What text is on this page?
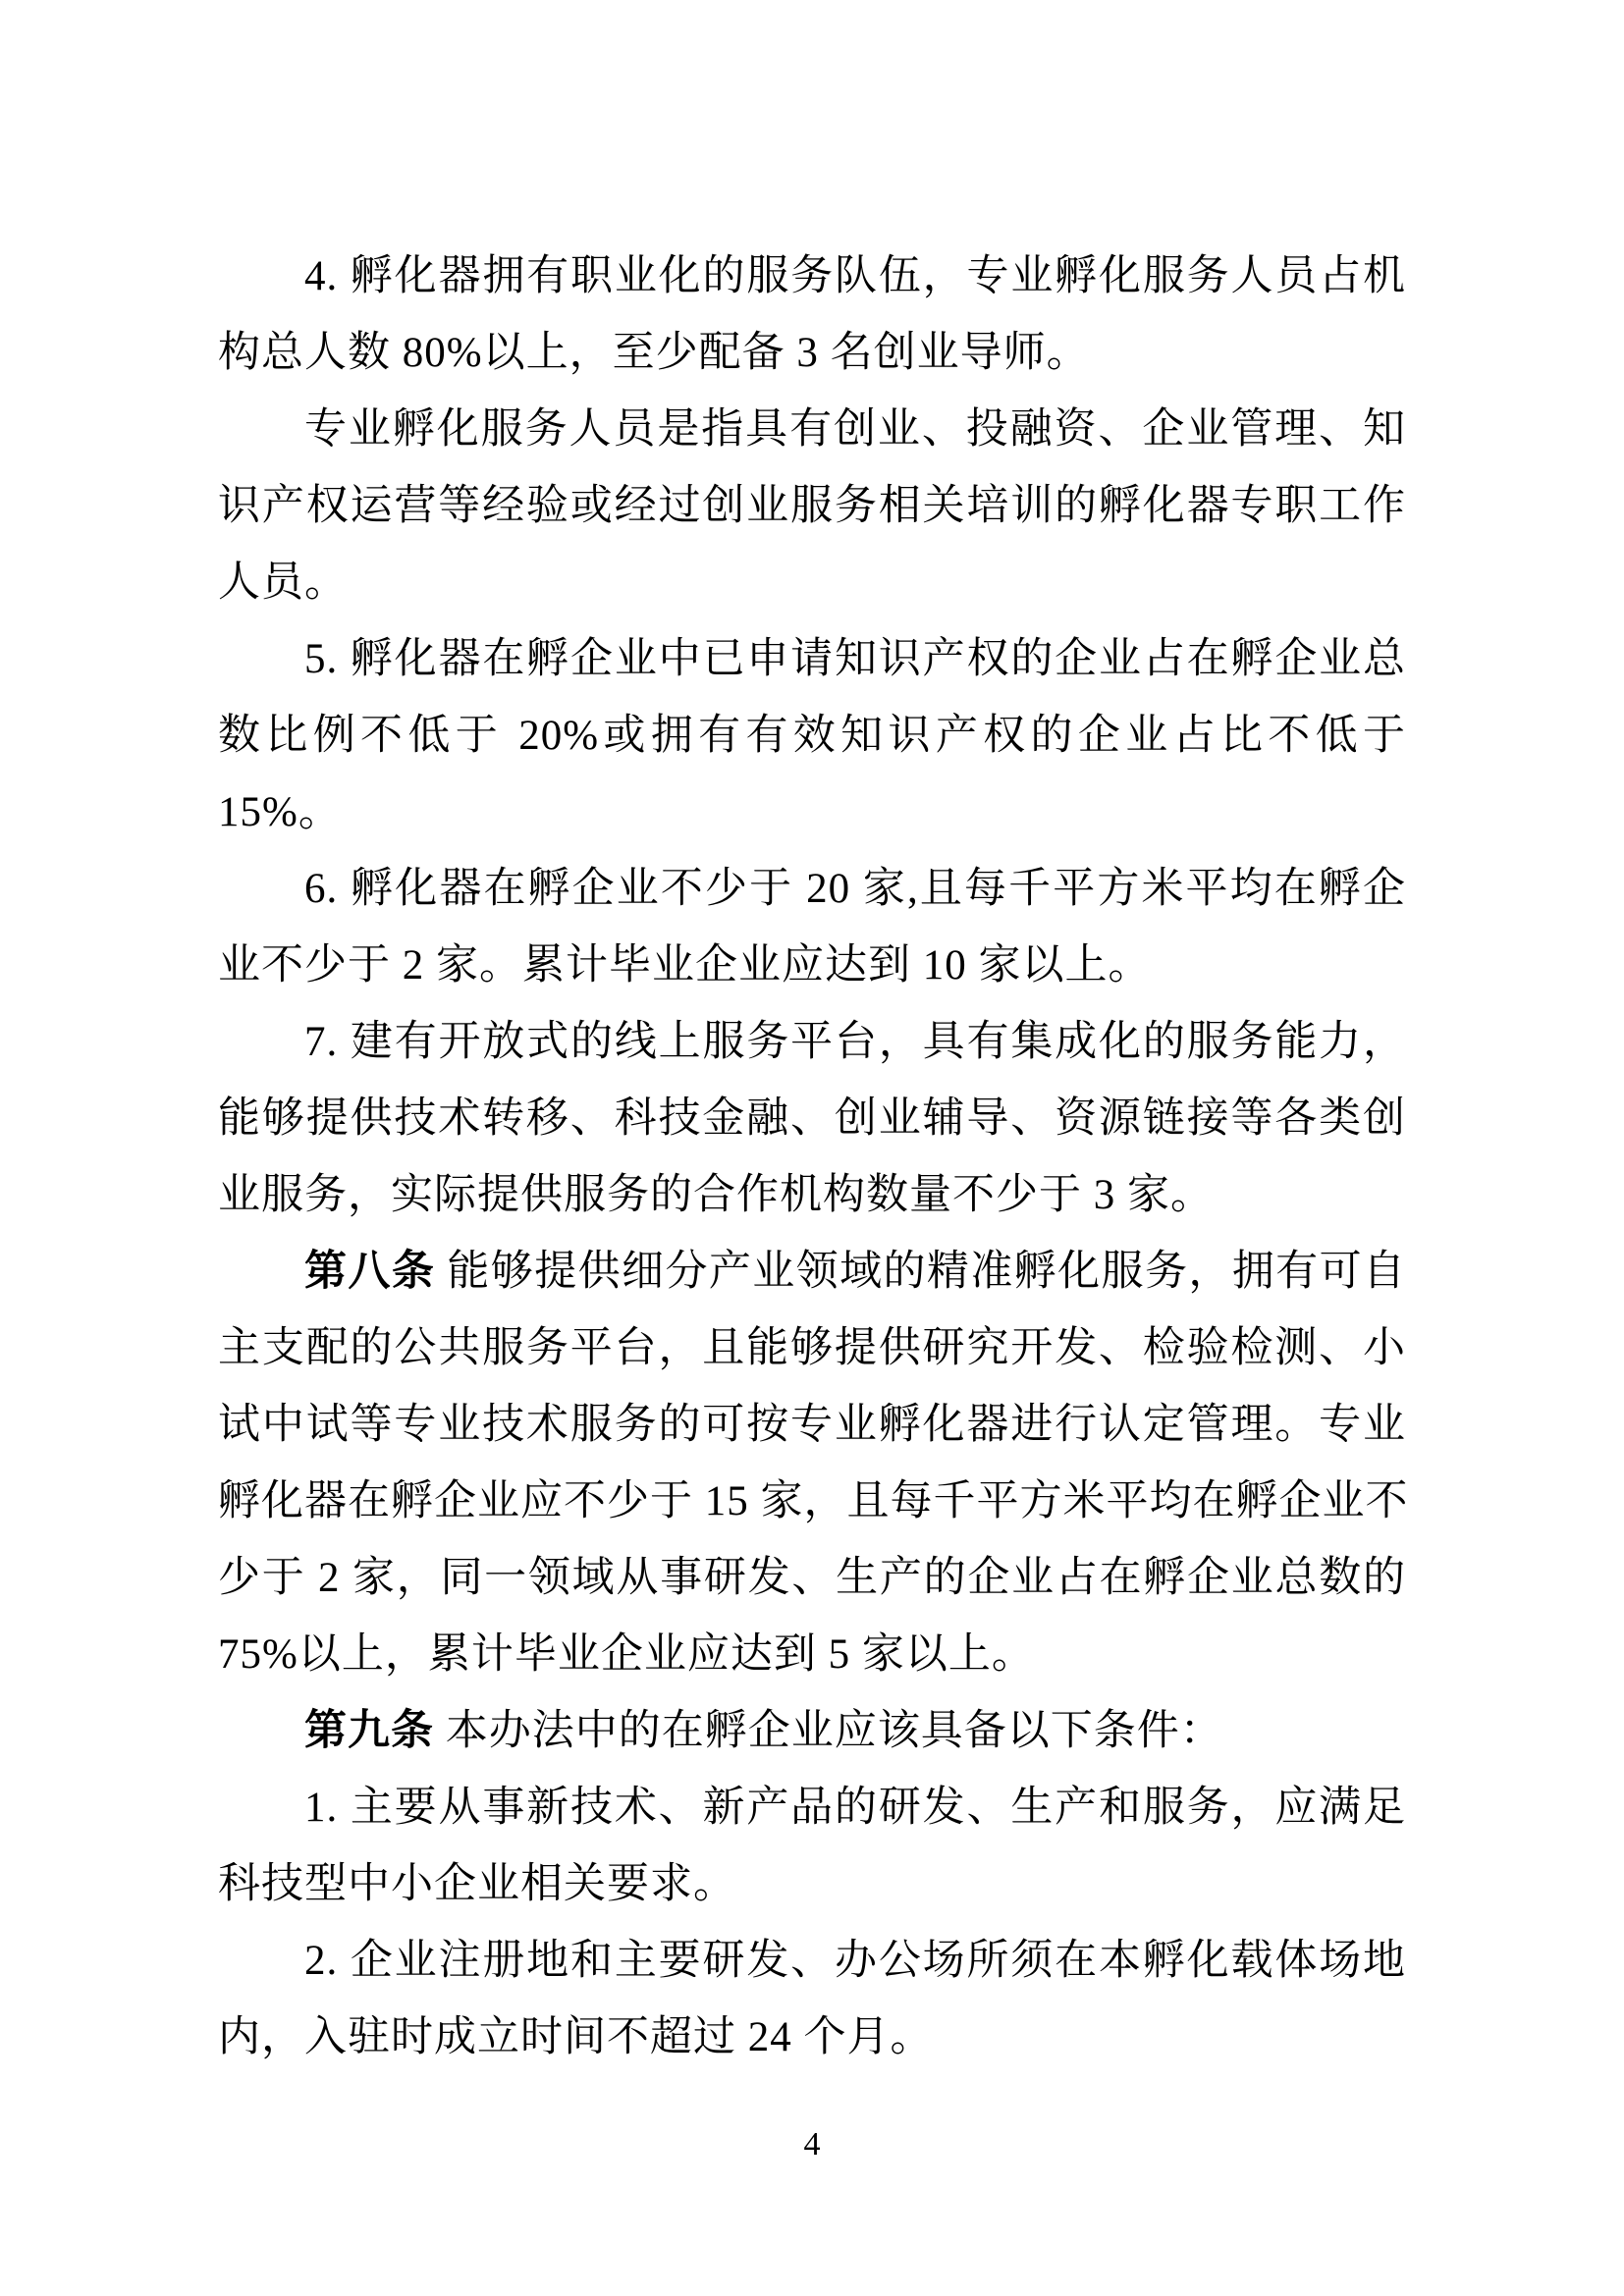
4. 孵化器拥有职业化的服务队伍，专业孵化服务人员占机
构总人数 80%以上，至少配备 3 名创业导师。
专业孵化服务人员是指具有创业、投融资、企业管理、知
识产权运营等经验或经过创业服务相关培训的孵化器专职工作
人员。
5. 孵化器在孵企业中已申请知识产权的企业占在孵企业总
数比例不低于 20%或拥有有效知识产权的企业占比不低于
15%。
6. 孵化器在孵企业不少于 20 家,且每千平方米平均在孵企
业不少于 2 家。累计毕业企业应达到 10 家以上。
7. 建有开放式的线上服务平台，具有集成化的服务能力，
能够提供技术转移、科技金融、创业辅导、资源链接等各类创
业服务，实际提供服务的合作机构数量不少于 3 家。
第八条 能够提供细分产业领域的精准孵化服务，拥有可自
主支配的公共服务平台，且能够提供研究开发、检验检测、小
试中试等专业技术服务的可按专业孵化器进行认定管理。专业
孵化器在孵企业应不少于 15 家，且每千平方米平均在孵企业不
少于 2 家，同一领域从事研发、生产的企业占在孵企业总数的
75%以上，累计毕业企业应达到 5 家以上。
第九条 本办法中的在孵企业应该具备以下条件：
1. 主要从事新技术、新产品的研发、生产和服务，应满足
科技型中小企业相关要求。
2. 企业注册地和主要研发、办公场所须在本孵化载体场地
内，入驻时成立时间不超过 24 个月。
4
